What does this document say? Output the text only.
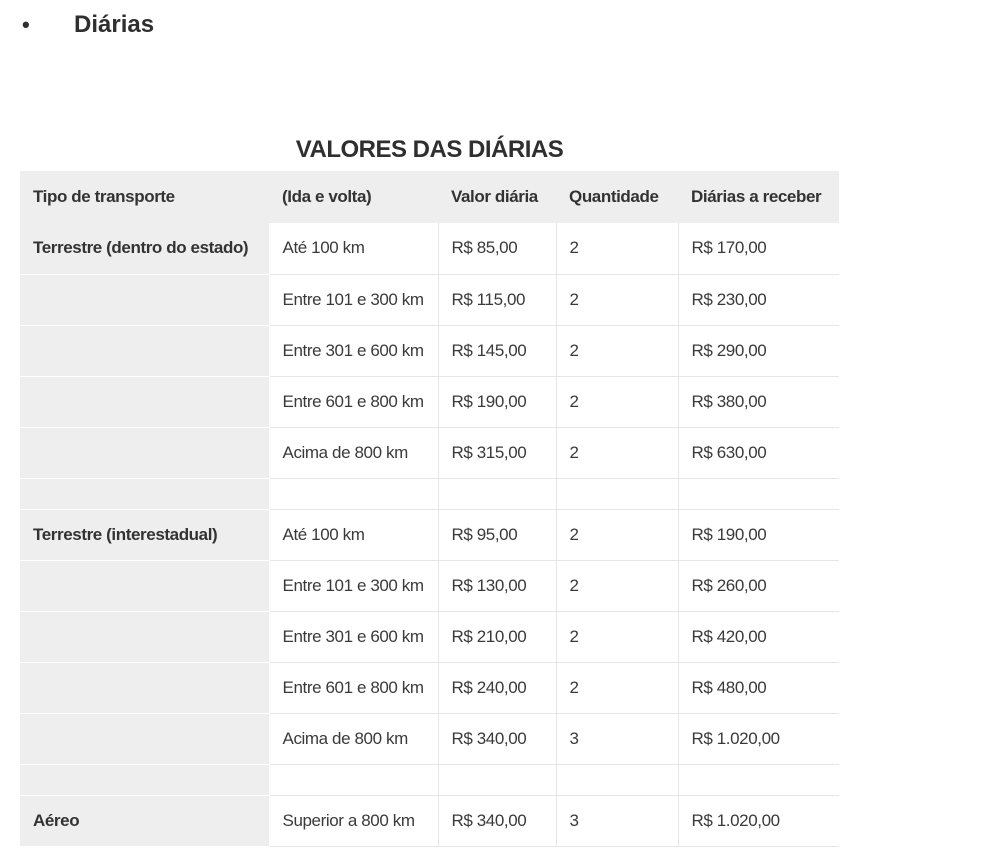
•	Diárias
VALORES DAS DIÁRIAS
Tipo de transporte	(Ida e volta)	Valor diária	Quantidade	Diárias a receber
Terrestre (dentro do estado)	Até 100 km	R$ 85,00	2	R$ 170,00
	Entre 101 e 300 km	R$ 115,00	2	R$ 230,00
	Entre 301 e 600 km	R$ 145,00	2	R$ 290,00
	Entre 601 e 800 km	R$ 190,00	2	R$ 380,00
	Acima de 800 km	R$ 315,00	2	R$ 630,00

Terrestre (interestadual)	Até 100 km	R$ 95,00	2	R$ 190,00
	Entre 101 e 300 km	R$ 130,00	2	R$ 260,00
	Entre 301 e 600 km	R$ 210,00	2	R$ 420,00
	Entre 601 e 800 km	R$ 240,00	2	R$ 480,00
	Acima de 800 km	R$ 340,00	3	R$ 1.020,00

Aéreo	Superior a 800 km	R$ 340,00	3	R$ 1.020,00
